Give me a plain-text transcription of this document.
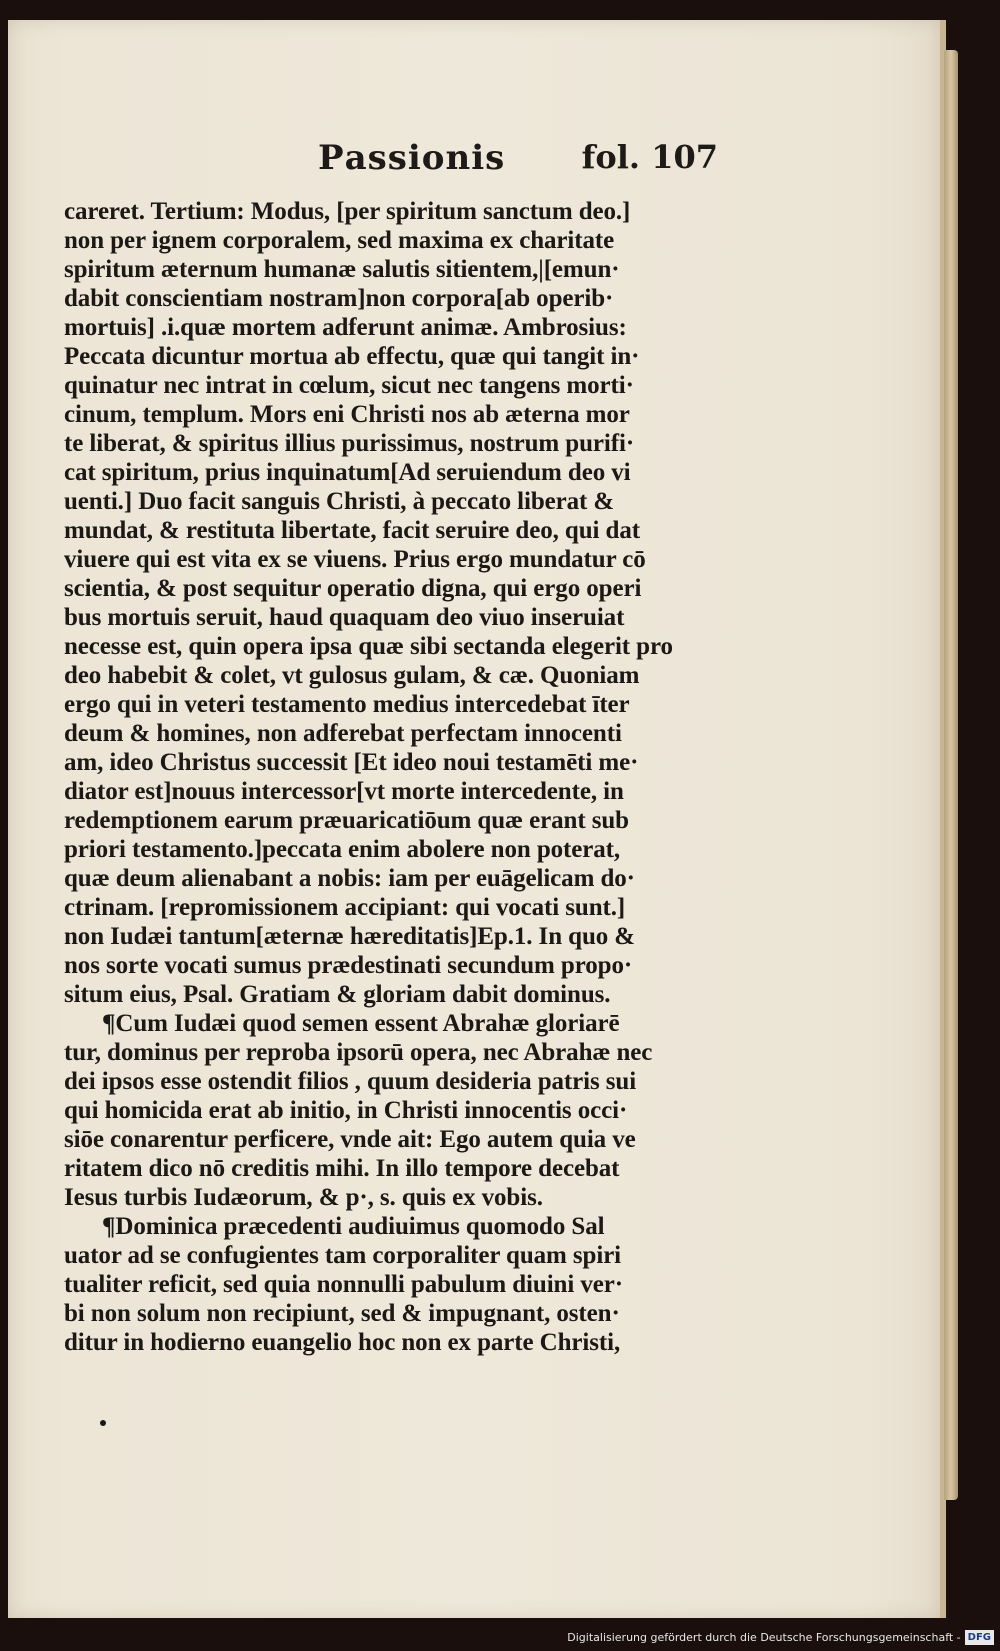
Pаssionis fol. 107
careret. Tertium: Modus, [per spiritum sanctum deo.]
non per ignem corporalem, sed maxima ex charitate
spiritum æternum humanæ salutis sitientem,|[emun·
dabit conscientiam nostram]non corpora[ab operib·
mortuis] .i.quæ mortem adferunt animæ. Ambrosius:
Peccata dicuntur mortua ab effectu, quæ qui tangit in·
quinatur nec intrat in cœlum, sicut nec tangens morti·
cinum, templum. Mors eni Christi nos ab æterna mor
te liberat, & spiritus illius purissimus, nostrum purifi·
cat spiritum, prius inquinatum[Ad seruiendum deo vi
uenti.] Duo facit sanguis Christi, à peccato liberat &
mundat, & restituta libertate, facit seruire deo, qui dat
viuere qui est vita ex se viuens. Prius ergo mundatur cō
scientia, & post sequitur operatio digna, qui ergo operi
bus mortuis seruit, haud quaquam deo viuo inseruiat
necesse est, quin opera ipsa quæ sibi sectanda elegerit pro
deo habebit & colet, vt gulosus gulam, & cæ. Quoniam
ergo qui in veteri testamento medius intercedebat īter
deum & homines, non adferebat perfectam innocenti
am, ideo Christus successit [Et ideo noui testamēti me·
diator est]nouus intercessor[vt morte intercedente, in
redemptionem earum præuaricatiōum quæ erant sub
priori testamento.]peccata enim abolere non poterat,
quæ deum alienabant a nobis: iam per euāgelicam do·
ctrinam. [repromissionem accipiant: qui vocati sunt.]
non Iudæi tantum[æternæ hæreditatis]Ep.1. In quo &
nos sorte vocati sumus prædestinati secundum propo·
situm eius, Psal. Gratiam & gloriam dabit dominus.
¶Cum Iudæi quod semen essent Abrahæ gloriarē
tur, dominus per reproba ipsorū opera, nec Abrahæ nec
dei ipsos esse ostendit filios , quum desideria patris sui
qui homicida erat ab initio, in Christi innocentis occi·
siōe conarentur perficere, vnde ait: Ego autem quia ve
ritatem dico nō creditis mihi. In illo tempore decebat
Iesus turbis Iudæorum, & p·, s. quis ex vobis.
¶Dominica præcedenti audiuimus quomodo Sal
uator ad se confugientes tam corporaliter quam spiri
tualiter reficit, sed quia nonnulli pabulum diuini ver·
bi non solum non recipiunt, sed & impugnant, osten·
ditur in hodierno euangelio hoc non ex parte Christi,
Digitalisierung gefördert durch die Deutsche Forschungsgemeinschaft - DFG
